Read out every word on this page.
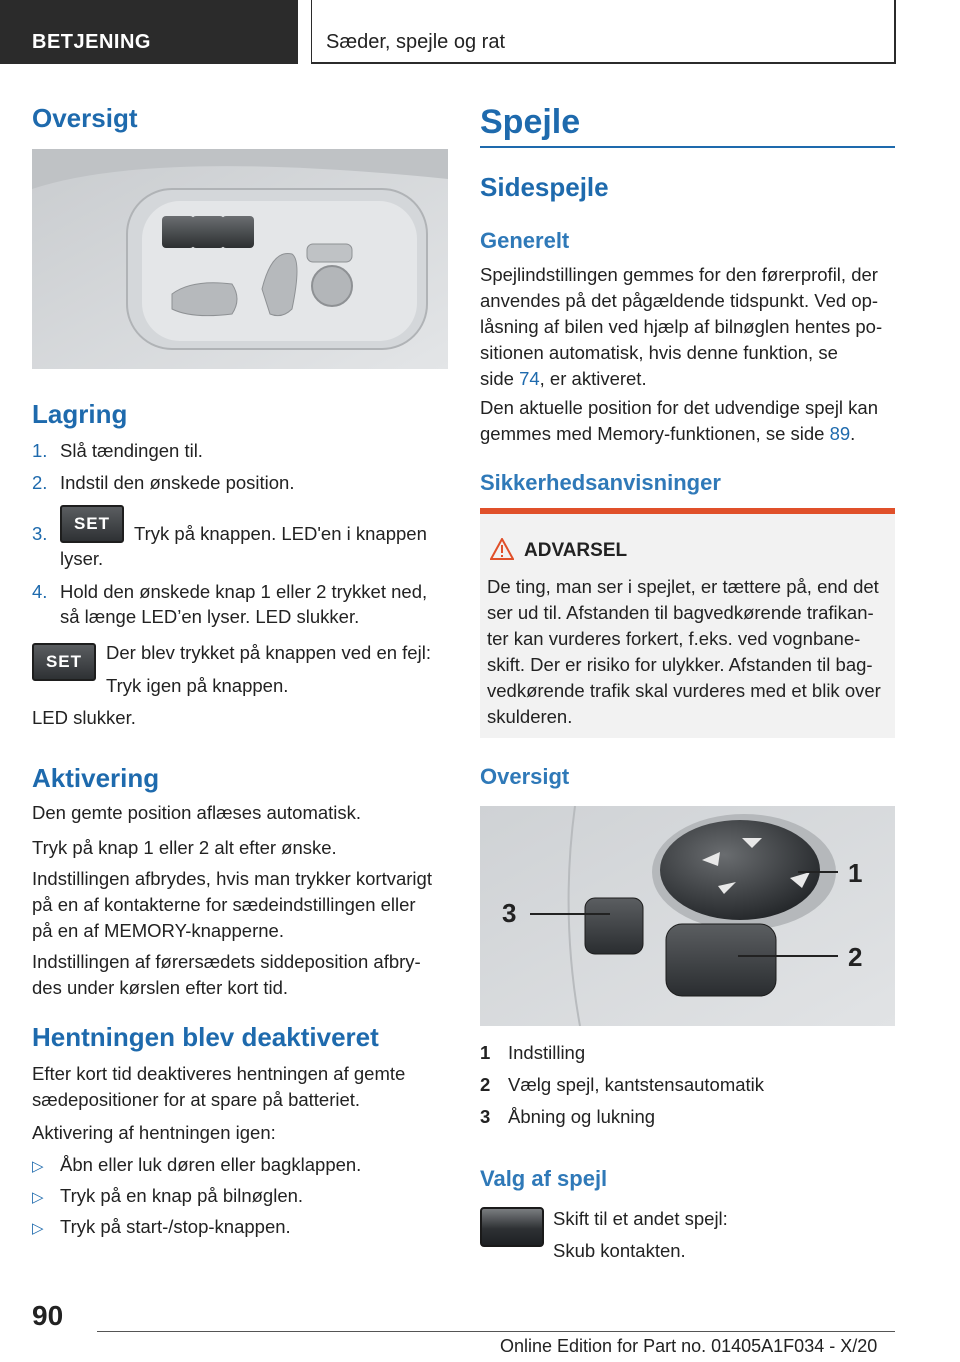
BETJENING	Sæder, spejle og rat
Oversigt
Lagring

1. Slå tændingen til.

2. Indstil den ønskede position.

3.	SET	Tryk på knappen. LED'en i knappen

lyser.

4. Hold den ønskede knap 1 eller 2 trykket ned,

så længe LED’en lyser. LED slukker.

SET	Der blev trykket på knappen ved en fejl:

Tryk igen på knappen.

LED slukker.

Aktivering

Den gemte position aflæses automatisk.

Tryk på knap 1 eller 2 alt efter ønske.

Indstillingen afbrydes, hvis man trykker kortvarigt

på en af kontakterne for sædeindstillingen eller

på en af MEMORY-knapperne.

Indstillingen af førersædets siddeposition afbry‐

des under kørslen efter kort tid.

Hentningen blev deaktiveret

Efter kort tid deaktiveres hentningen af gemte

sædepositioner for at spare på batteriet.

Aktivering af hentningen igen:

▷ Åbn eller luk døren eller bagklappen.

▷ Tryk på en knap på bilnøglen.

▷ Tryk på start-/stop-knappen.

Spejle
Sidespejle
Generelt

Spejlindstillingen gemmes for den førerprofil, der

anvendes på det pågældende tidspunkt. Ved op‐

låsning af bilen ved hjælp af bilnøglen hentes po‐

sitionen automatisk, hvis denne funktion, se

side 74, er aktiveret.

Den aktuelle position for det udvendige spejl kan

gemmes med Memory-funktionen, se side 89.

Sikkerhedsanvisninger
ADVARSEL

De ting, man ser i spejlet, er tættere på, end det

ser ud til. Afstanden til bagvedkørende trafikan‐

ter kan vurderes forkert, f.eks. ved vognbane‐

skift. Der er risiko for ulykker. Afstanden til bag‐

vedkørende trafik skal vurderes med et blik over

skulderen.

Oversigt
1
2
3

1 Indstilling

2 Vælg spejl, kantstensautomatik

3 Åbning og lukning

Valg af spejl

Skift til et andet spejl:

Skub kontakten.

90
Online Edition for Part no. 01405A1F034 - X/20
